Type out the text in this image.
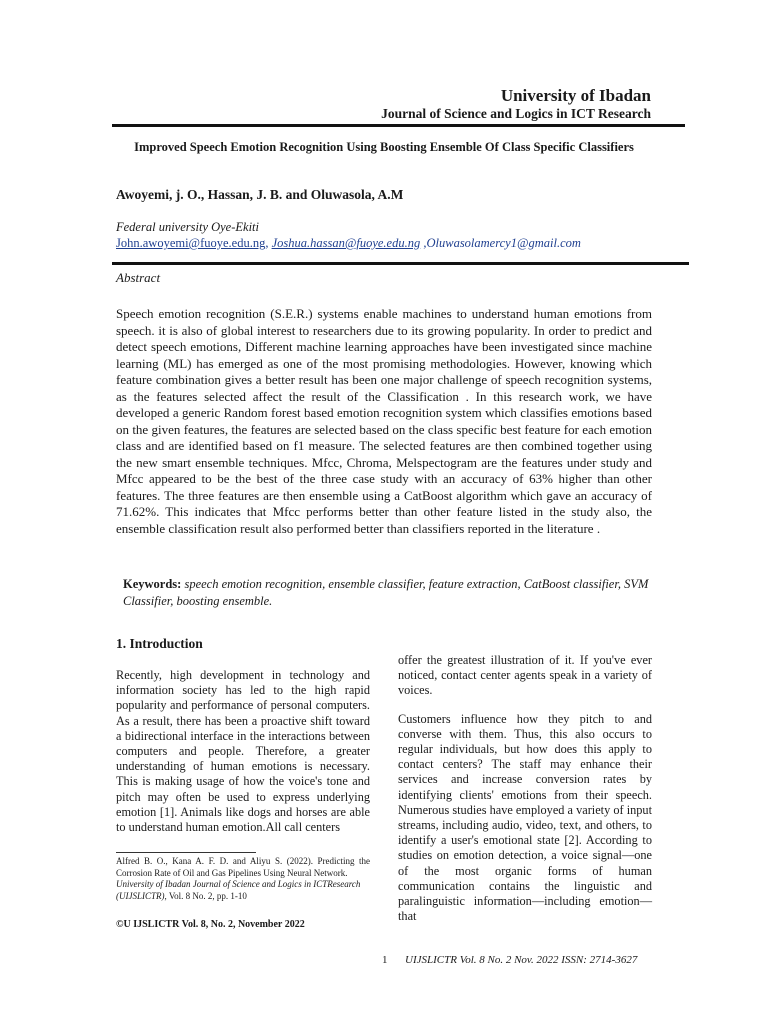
University of Ibadan
Journal of Science and Logics in ICT Research
Improved Speech Emotion Recognition Using Boosting Ensemble Of Class Specific Classifiers
Awoyemi, j. O., Hassan, J. B. and Oluwasola, A.M
Federal university Oye-Ekiti
John.awoyemi@fuoye.edu.ng, Joshua.hassan@fuoye.edu.ng ,Oluwasolamercy1@gmail.com
Abstract
Speech emotion recognition (S.E.R.) systems enable machines to understand human emotions from speech. it is also of global interest to researchers due to its growing popularity. In order to predict and detect speech emotions, Different machine learning approaches have been investigated since machine learning (ML) has emerged as one of the most promising methodologies. However, knowing which feature combination gives a better result has been one major challenge of speech recognition systems, as the features selected affect the result of the Classification . In this research work, we have developed a generic Random forest based emotion recognition system which classifies emotions based on the given features, the features are selected based on the class specific best feature for each emotion class and are identified based on f1 measure. The selected features are then combined together using the new smart ensemble techniques. Mfcc, Chroma, Melspectogram are the features under study and Mfcc appeared to be the best of the three case study with an accuracy of 63% higher than other features. The three features are then ensemble using a CatBoost algorithm which gave an accuracy of 71.62%. This indicates that Mfcc performs better than other feature listed in the study also, the ensemble classification result also performed better than classifiers reported in the literature .
Keywords: speech emotion recognition, ensemble classifier, feature extraction, CatBoost classifier, SVM Classifier, boosting ensemble.
1. Introduction

Recently, high development in technology and information society has led to the high rapid popularity and performance of personal computers. As a result, there has been a proactive shift toward a bidirectional interface in the interactions between computers and people. Therefore, a greater understanding of human emotions is necessary. This is making usage of how the voice's tone and pitch may often be used to express underlying emotion [1]. Animals like dogs and horses are able to understand human emotion.All call centers

offer the greatest illustration of it. If you've ever noticed, contact center agents speak in a variety of voices.

Customers influence how they pitch to and converse with them. Thus, this also occurs to regular individuals, but how does this apply to contact centers? The staff may enhance their services and increase conversion rates by identifying clients' emotions from their speech. Numerous studies have employed a variety of input streams, including audio, video, text, and others, to identify a user's emotional state [2]. According to studies on emotion detection, a voice signal—one of the most organic forms of human communication contains the linguistic and paralinguistic information—including emotion—that

Alfred B. O., Kana A. F. D. and Aliyu S. (2022). Predicting the Corrosion Rate of Oil and Gas Pipelines Using Neural Network.
University of Ibadan Journal of Science and Logics in ICTResearch (UIJSLICTR), Vol. 8 No. 2, pp. 1-10
©U IJSLICTR Vol. 8, No. 2, November 2022
1 UIJSLICTR Vol. 8 No. 2 Nov. 2022 ISSN: 2714-3627
